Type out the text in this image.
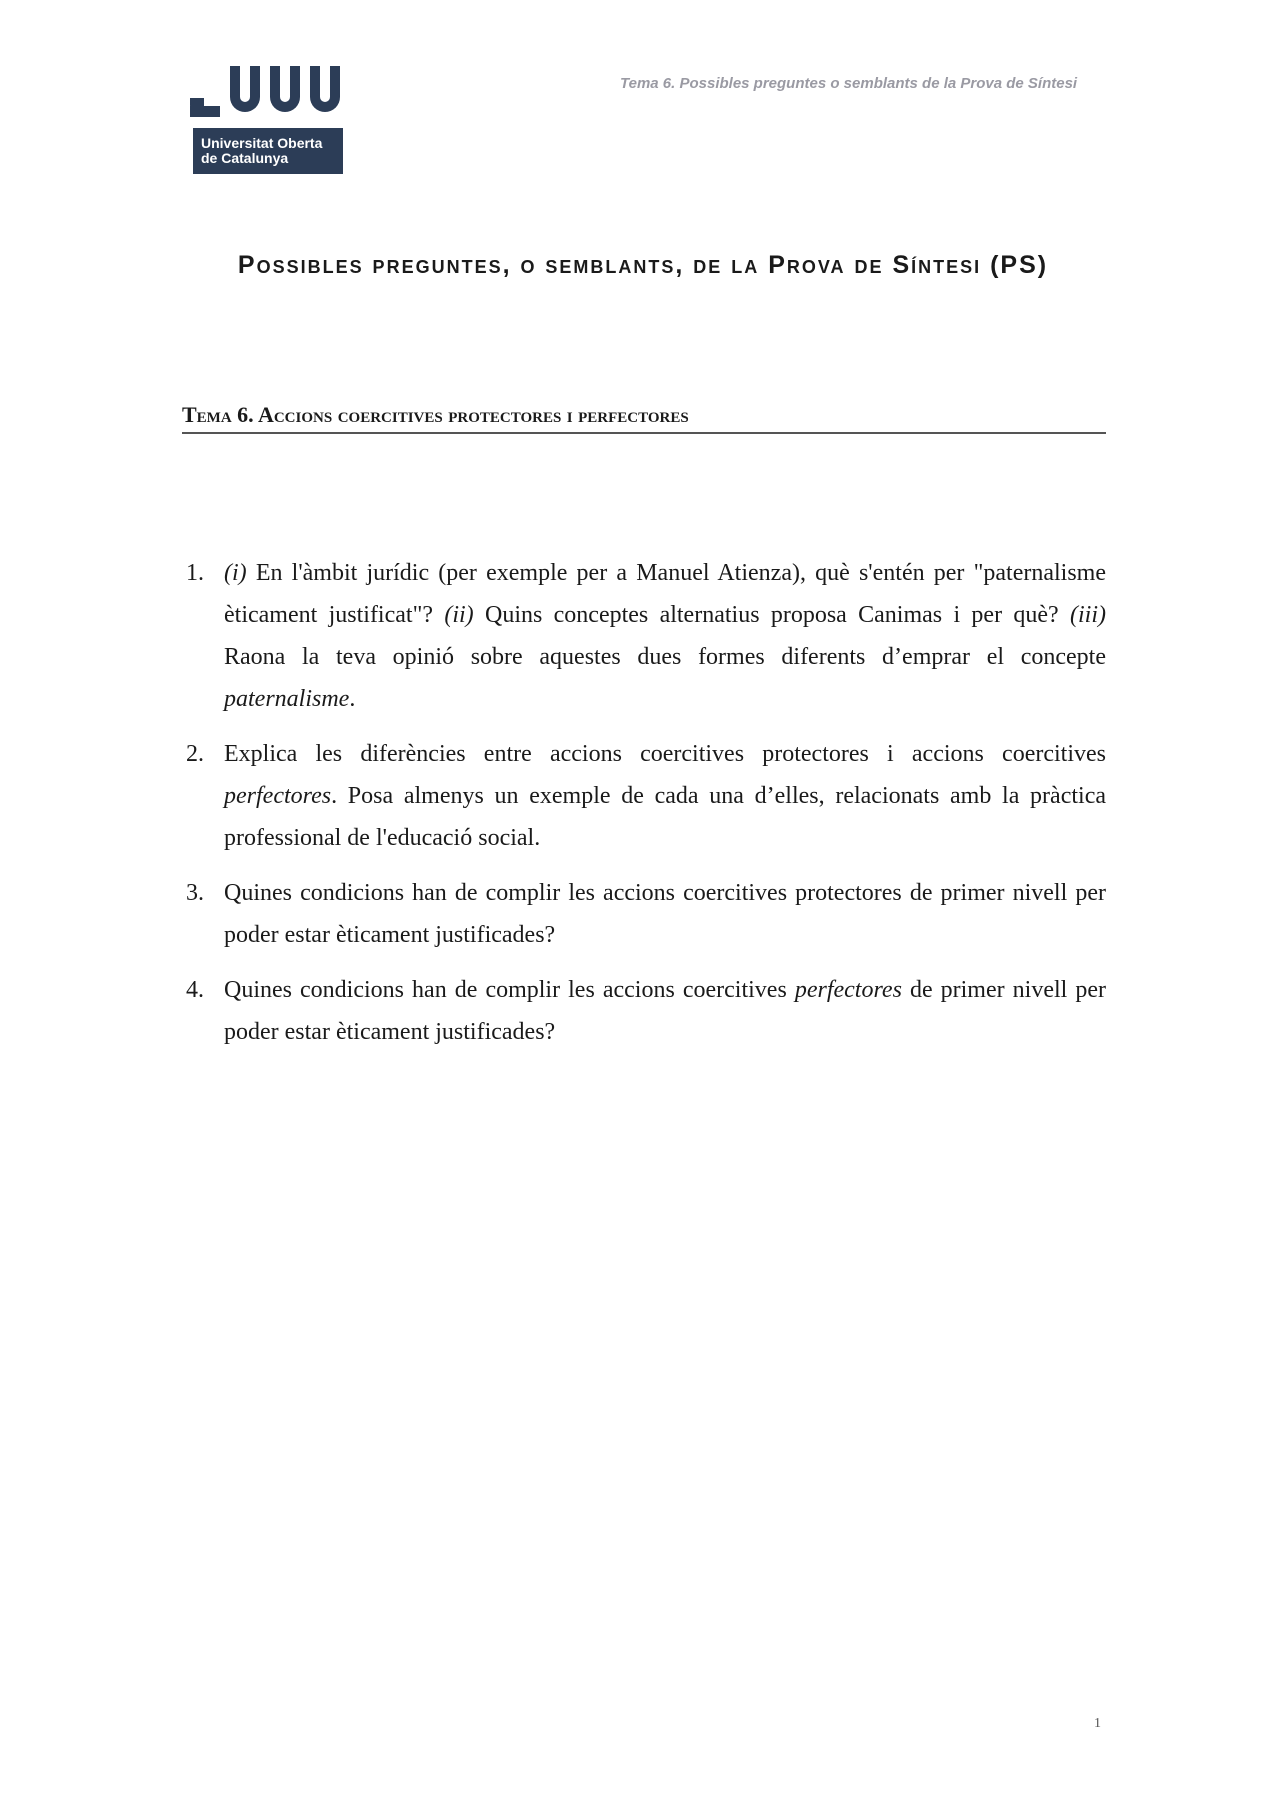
Universitat Oberta
de Catalunya
Tema 6. Possibles preguntes o semblants de la Prova de Síntesi
Possibles preguntes, o semblants, de la Prova de Síntesi (PS)
Tema 6. Accions coercitives protectores i perfectores
1. (i) En l'àmbit jurídic (per exemple per a Manuel Atienza), què s'entén per "paternalisme èticament justificat"? (ii) Quins conceptes alternatius proposa Canimas i per què? (iii) Raona la teva opinió sobre aquestes dues formes diferents d’emprar el concepte paternalisme.
2. Explica les diferències entre accions coercitives protectores i accions coercitives perfectores. Posa almenys un exemple de cada una d’elles, relacionats amb la pràctica professional de l'educació social.
3. Quines condicions han de complir les accions coercitives protectores de primer nivell per poder estar èticament justificades?
4. Quines condicions han de complir les accions coercitives perfectores de primer nivell per poder estar èticament justificades?
1
